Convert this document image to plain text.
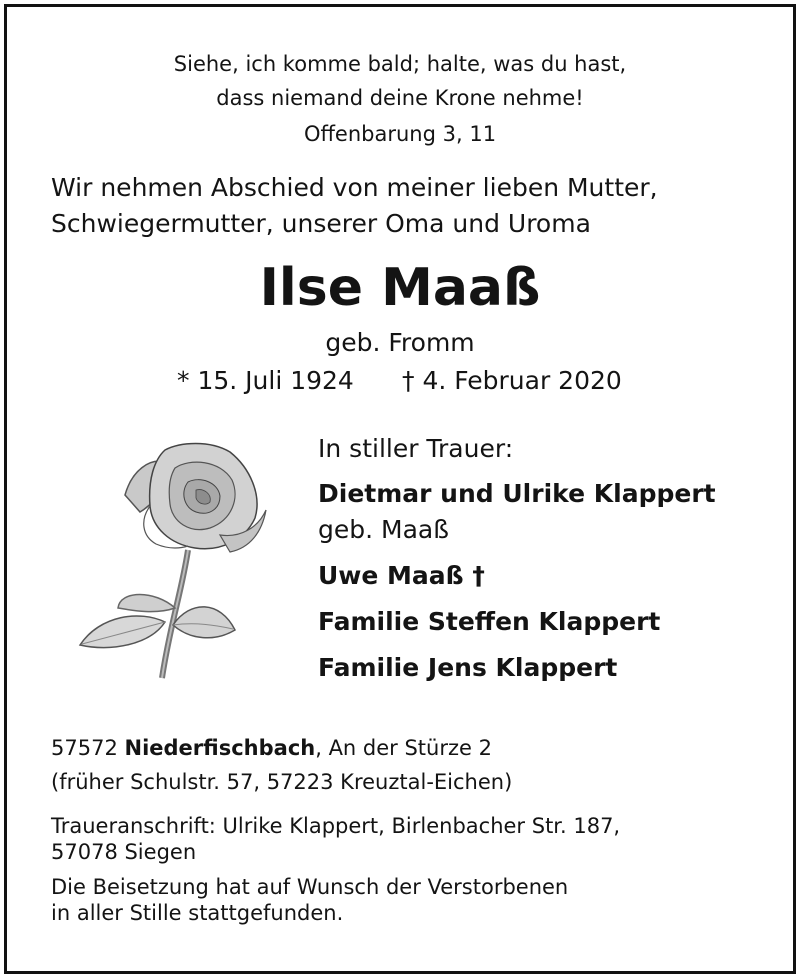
Siehe, ich komme bald; halte, was du hast,
dass niemand deine Krone nehme!
Offenbarung 3, 11
Wir nehmen Abschied von meiner lieben Mutter,
Schwiegermutter, unserer Oma und Uroma
Ilse Maaß
geb. Fromm
* 15. Juli 1924 † 4. Februar 2020
In stiller Trauer:
Dietmar und Ulrike Klappert
geb. Maaß
Uwe Maaß †
Familie Steffen Klappert
Familie Jens Klappert
57572 Niederfischbach, An der Stürze 2
(früher Schulstr. 57, 57223 Kreuztal-Eichen)
Traueranschrift: Ulrike Klappert, Birlenbacher Str. 187,
57078 Siegen
Die Beisetzung hat auf Wunsch der Verstorbenen
in aller Stille stattgefunden.
